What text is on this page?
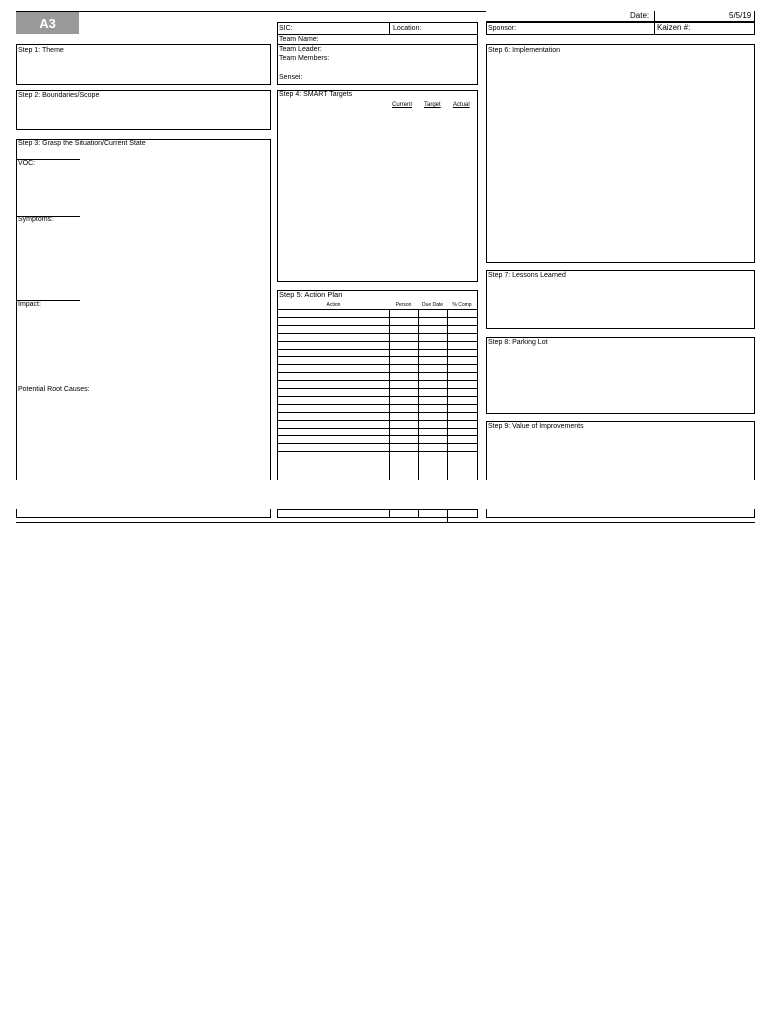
A3	Date:	5/5/19
Step 1: Theme
Step 2: Boundaries/Scope
Step 3: Grasp the Situation/Current State
VOC:
Symptoms:
Impact:
Potential Root Causes:
SIC:	Location:
Team Name:
Team Leader:
Team Members:
Sensei:
Step 4: SMART Targets
Current Target Actual
Step 5: Action Plan
Action	Person	Due Date	% Comp
Sponsor:	Kaizen #:
Step 6: Implementation
Step 7: Lessons Learned
Step 8: Parking Lot
Step 9: Value of Improvements
